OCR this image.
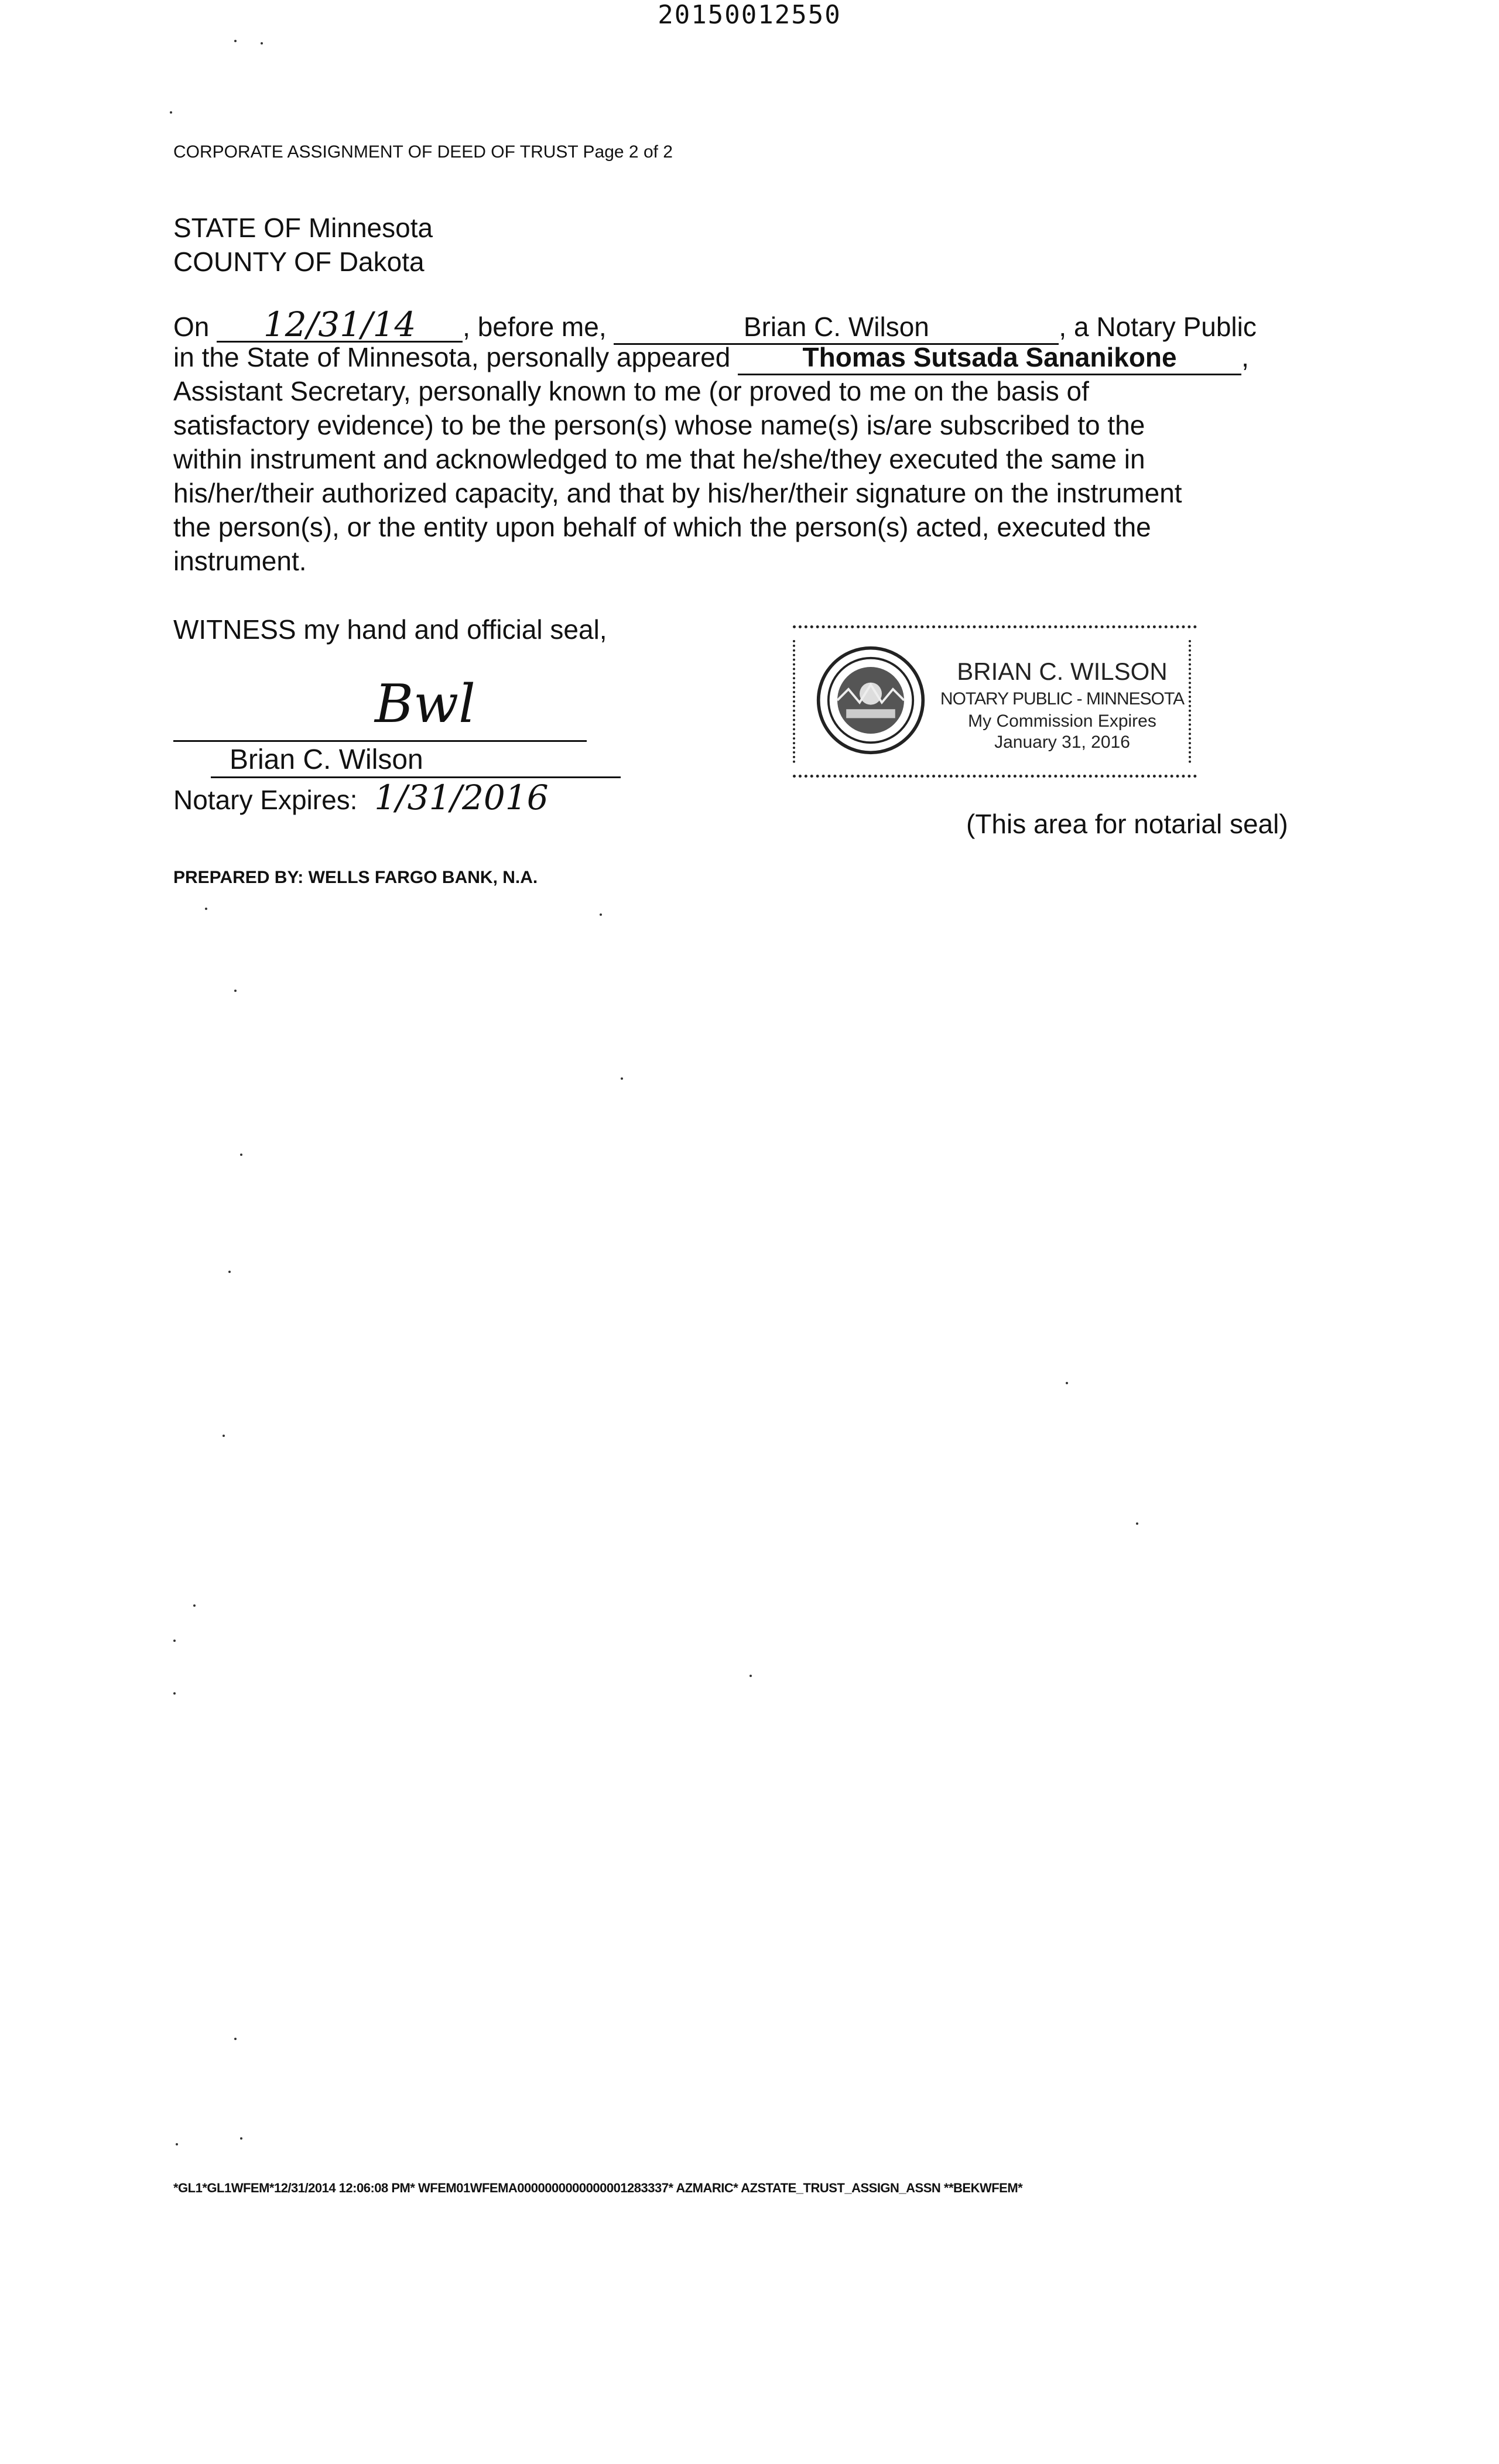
20150012550
CORPORATE ASSIGNMENT OF DEED OF TRUST Page 2 of 2
STATE OF Minnesota
COUNTY OF Dakota
On 12/31/14 , before me,	Brian C. Wilson	, a Notary Public
in the State of Minnesota, personally appeared	Thomas Sutsada Sananikone ,
Assistant Secretary, personally known to me (or proved to me on the basis of
satisfactory evidence) to be the person(s) whose name(s) is/are subscribed to the
within instrument and acknowledged to me that he/she/they executed the same in
his/her/their authorized capacity, and that by his/her/their signature on the instrument
the person(s), or the entity upon behalf of which the person(s) acted, executed the
instrument.
WITNESS my hand and official seal,
Bwl
Brian C. Wilson
Notary Expires: 1/31/2016
BRIAN C. WILSON
NOTARY PUBLIC - MINNESOTA
My Commission Expires
January 31, 2016
(This area for notarial seal)
PREPARED BY: WELLS FARGO BANK, N.A.
*GL1*GL1WFEM*12/31/2014 12:06:08 PM* WFEM01WFEMA0000000000000001283337* AZMARIC* AZSTATE_TRUST_ASSIGN_ASSN **BEKWFEM*
